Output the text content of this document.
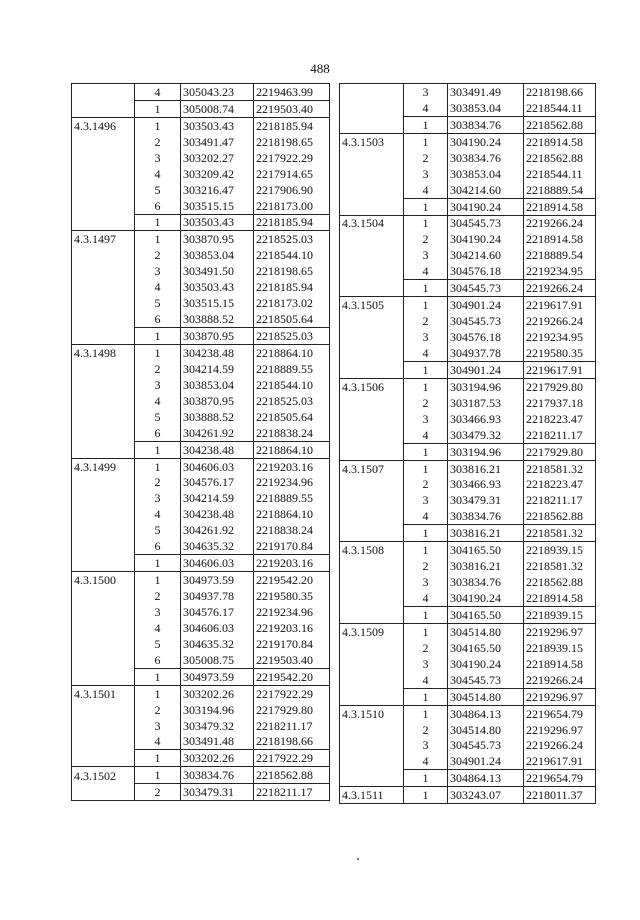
488
	4	305043.23	2219463.99
	1	305008.74	2219503.40
4.3.1496	1	303503.43	2218185.94
	2	303491.47	2218198.65
	3	303202.27	2217922.29
	4	303209.42	2217914.65
	5	303216.47	2217906.90
	6	303515.15	2218173.00
	1	303503.43	2218185.94
4.3.1497	1	303870.95	2218525.03
	2	303853.04	2218544.10
	3	303491.50	2218198.65
	4	303503.43	2218185.94
	5	303515.15	2218173.02
	6	303888.52	2218505.64
	1	303870.95	2218525.03
4.3.1498	1	304238.48	2218864.10
	2	304214.59	2218889.55
	3	303853.04	2218544.10
	4	303870.95	2218525.03
	5	303888.52	2218505.64
	6	304261.92	2218838.24
	1	304238.48	2218864.10
4.3.1499	1	304606.03	2219203.16
	2	304576.17	2219234.96
	3	304214.59	2218889.55
	4	304238.48	2218864.10
	5	304261.92	2218838.24
	6	304635.32	2219170.84
	1	304606.03	2219203.16
4.3.1500	1	304973.59	2219542.20
	2	304937.78	2219580.35
	3	304576.17	2219234.96
	4	304606.03	2219203.16
	5	304635.32	2219170.84
	6	305008.75	2219503.40
	1	304973.59	2219542.20
4.3.1501	1	303202.26	2217922.29
	2	303194.96	2217929.80
	3	303479.32	2218211.17
	4	303491.48	2218198.66
	1	303202.26	2217922.29
4.3.1502	1	303834.76	2218562.88
	2	303479.31	2218211.17
	3	303491.49	2218198.66
	4	303853.04	2218544.11
	1	303834.76	2218562.88
4.3.1503	1	304190.24	2218914.58
	2	303834.76	2218562.88
	3	303853.04	2218544.11
	4	304214.60	2218889.54
	1	304190.24	2218914.58
4.3.1504	1	304545.73	2219266.24
	2	304190.24	2218914.58
	3	304214.60	2218889.54
	4	304576.18	2219234.95
	1	304545.73	2219266.24
4.3.1505	1	304901.24	2219617.91
	2	304545.73	2219266.24
	3	304576.18	2219234.95
	4	304937.78	2219580.35
	1	304901.24	2219617.91
4.3.1506	1	303194.96	2217929.80
	2	303187.53	2217937.18
	3	303466.93	2218223.47
	4	303479.32	2218211.17
	1	303194.96	2217929.80
4.3.1507	1	303816.21	2218581.32
	2	303466.93	2218223.47
	3	303479.31	2218211.17
	4	303834.76	2218562.88
	1	303816.21	2218581.32
4.3.1508	1	304165.50	2218939.15
	2	303816.21	2218581.32
	3	303834.76	2218562.88
	4	304190.24	2218914.58
	1	304165.50	2218939.15
4.3.1509	1	304514.80	2219296.97
	2	304165.50	2218939.15
	3	304190.24	2218914.58
	4	304545.73	2219266.24
	1	304514.80	2219296.97
4.3.1510	1	304864.13	2219654.79
	2	304514.80	2219296.97
	3	304545.73	2219266.24
	4	304901.24	2219617.91
	1	304864.13	2219654.79
4.3.1511	1	303243.07	2218011.37
